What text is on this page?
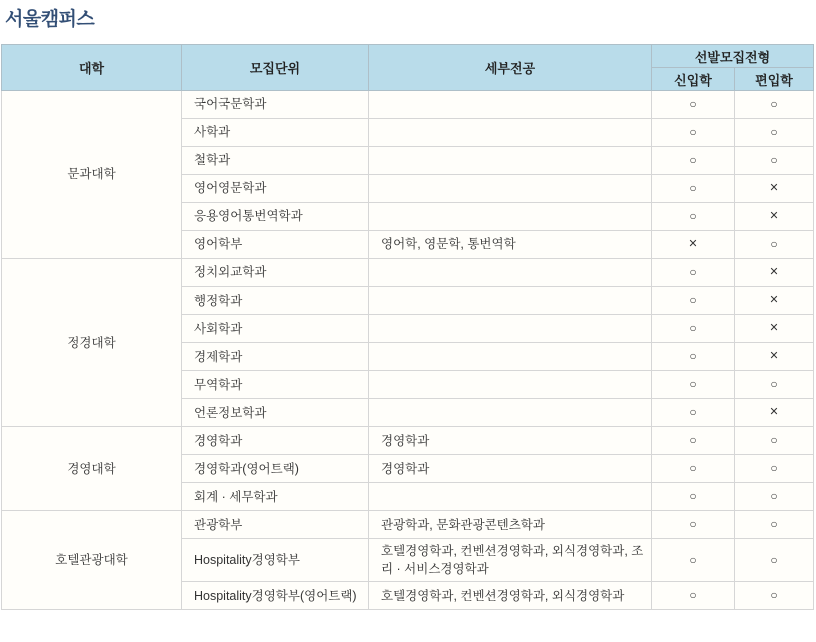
서울캠퍼스
대학	모집단위	세부전공	선발모집전형	
			신입학	편입학
문과대학	국어국문학과		○	○
	사학과		○	○
	철학과		○	○
	영어영문학과		○	×
	응용영어통번역학과		○	×
	영어학부	영어학, 영문학, 통번역학	×	○
정경대학	정치외교학과		○	×
	행정학과		○	×
	사회학과		○	×
	경제학과		○	×
	무역학과		○	○
	언론정보학과		○	×
경영대학	경영학과	경영학과	○	○
	경영학과(영어트랙)	경영학과	○	○
	회계 · 세무학과		○	○
호텔관광대학	관광학부	관광학과, 문화관광콘텐츠학과	○	○
	Hospitality경영학부	호텔경영학과, 컨벤션경영학과, 외식경영학과, 조리 · 서비스경영학과	○	○
	Hospitality경영학부(영어트랙)	호텔경영학과, 컨벤션경영학과, 외식경영학과	○	○
